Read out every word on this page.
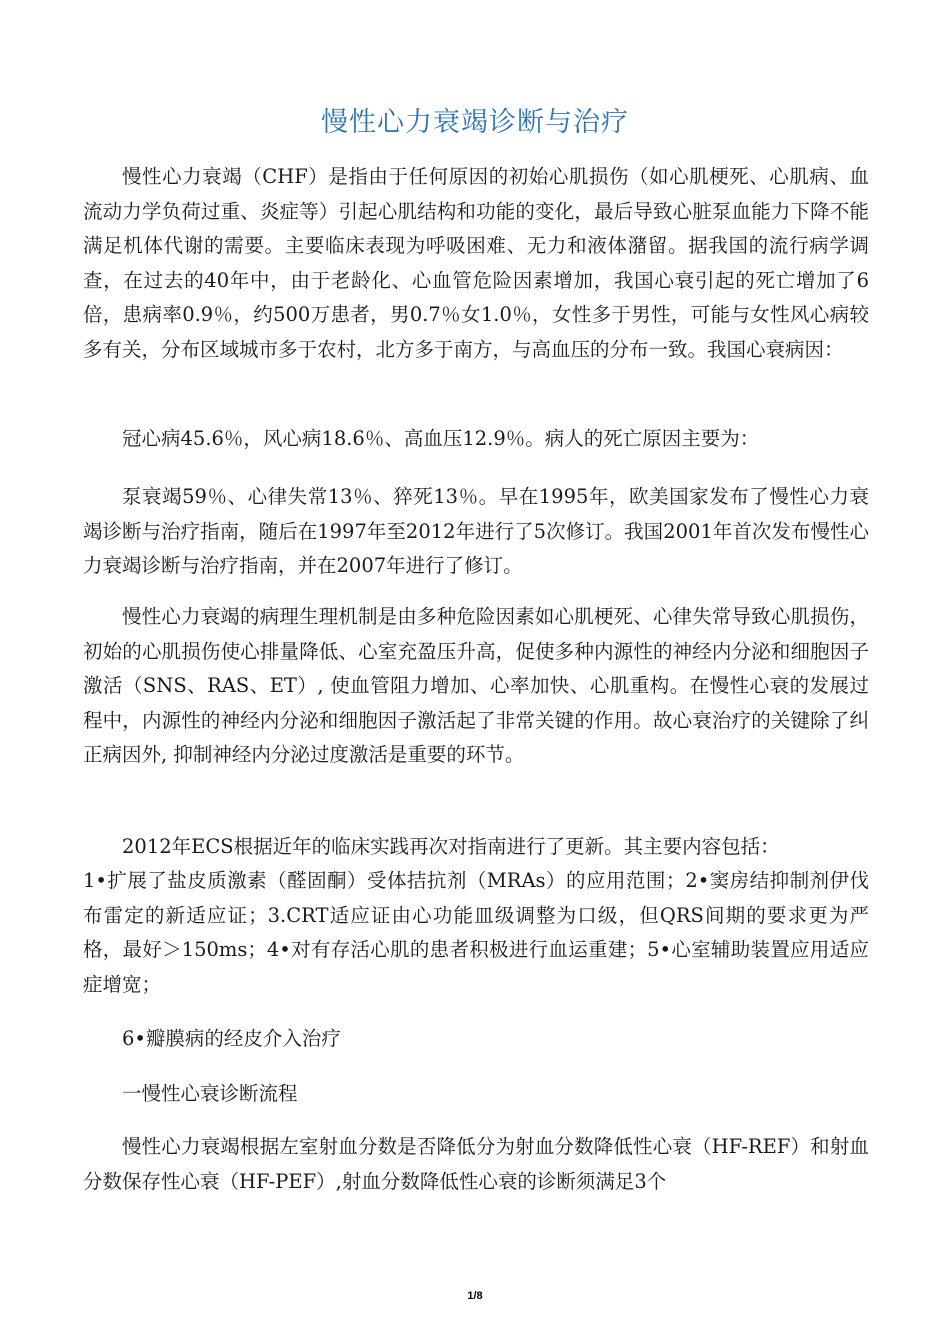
慢性心力衰竭诊断与治疗
慢性心力衰竭（CHF）是指由于任何原因的初始心肌损伤（如心肌梗死、心肌病、血流动力学负荷过重、炎症等）引起心肌结构和功能的变化，最后导致心脏泵血能力下降不能满足机体代谢的需要。主要临床表现为呼吸困难、无力和液体潴留。据我国的流行病学调查，在过去的40年中，由于老龄化、心血管危险因素增加，我国心衰引起的死亡增加了6倍，患病率0.9％，约500万患者，男0.7％女1.0％，女性多于男性，可能与女性风心病较多有关，分布区域城市多于农村，北方多于南方，与高血压的分布一致。我国心衰病因：
冠心病45.6％，风心病18.6％、高血压12.9％。病人的死亡原因主要为：
泵衰竭59％、心律失常13％、猝死13％。早在1995年，欧美国家发布了慢性心力衰竭诊断与治疗指南，随后在1997年至2012年进行了5次修订。我国2001年首次发布慢性心力衰竭诊断与治疗指南，并在2007年进行了修订。
慢性心力衰竭的病理生理机制是由多种危险因素如心肌梗死、心律失常导致心肌损伤，初始的心肌损伤使心排量降低、心室充盈压升高，促使多种内源性的神经内分泌和细胞因子激活（SNS、RAS、ET）, 使血管阻力增加、心率加快、心肌重构。在慢性心衰的发展过程中，内源性的神经内分泌和细胞因子激活起了非常关键的作用。故心衰治疗的关键除了纠正病因外, 抑制神经内分泌过度激活是重要的环节。
2012年ECS根据近年的临床实践再次对指南进行了更新。其主要内容包括：
1•扩展了盐皮质激素（醛固酮）受体拮抗剂（MRAs）的应用范围；2•窦房结抑制剂伊伐布雷定的新适应证；3.CRT适应证由心功能皿级调整为口级，但QRS间期的要求更为严格，最好＞150ms；4•对有存活心肌的患者积极进行血运重建；5•心室辅助装置应用适应症增宽；
6•瓣膜病的经皮介入治疗
一慢性心衰诊断流程
慢性心力衰竭根据左室射血分数是否降低分为射血分数降低性心衰（HF-REF）和射血分数保存性心衰（HF-PEF）,射血分数降低性心衰的诊断须满足3个
1/8
